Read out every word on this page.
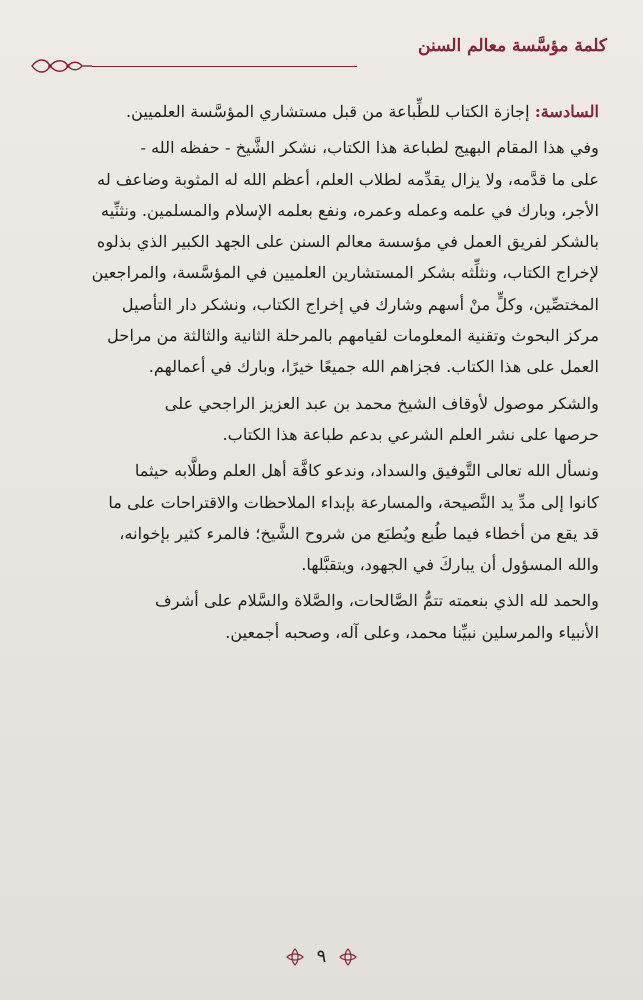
كلمة مؤسَّسة معالم السنن

السادسة: إجازة الكتاب للطِّباعة من قبل مستشاري المؤسَّسة العلميين.

وفي هذا المقام البهيج لطباعة هذا الكتاب، نشكر الشَّيخ - حفظه الله -
على ما قدَّمه، ولا يزال يقدِّمه لطلاب العلم، أعظم الله له المثوبة وضاعف له
الأجر، وبارك في علمه وعمله وعمره، ونفع بعلمه الإسلام والمسلمين. ونثنِّيه
بالشكر لفريق العمل في مؤسسة معالم السنن على الجهد الكبير الذي بذلوه
لإخراج الكتاب، ونثلِّثه بشكر المستشارين العلميين في المؤسَّسة، والمراجعين
المختصِّين، وكلٍّ منْ أسهم وشارك في إخراج الكتاب، ونشكر دار التأصيل
مركز البحوث وتقنية المعلومات لقيامهم بالمرحلة الثانية والثالثة من مراحل
العمل على هذا الكتاب. فجزاهم الله جميعًا خيرًا، وبارك في أعمالهم.

والشكر موصول لأوقاف الشيخ محمد بن عبد العزيز الراجحي على
حرصها على نشر العلم الشرعي بدعم طباعة هذا الكتاب.

ونسأل الله تعالى التَّوفيق والسداد، وندعو كافَّة أهل العلم وطلَّابه حيثما
كانوا إلى مدِّ يد النَّصيحة، والمسارعة بإبداء الملاحظات والاقتراحات على ما
قد يقع من أخطاء فيما طُبع ويُطبَع من شروح الشَّيخ؛ فالمرء كثير بإخوانه،
والله المسؤول أن يباركَ في الجهود، ويتقبَّلها.

والحمد لله الذي بنعمته تتمُّ الصَّالحات، والصَّلاة والسَّلام على أشرف
الأنبياء والمرسلين نبيِّنا محمد، وعلى آله، وصحبه أجمعين.

٩
